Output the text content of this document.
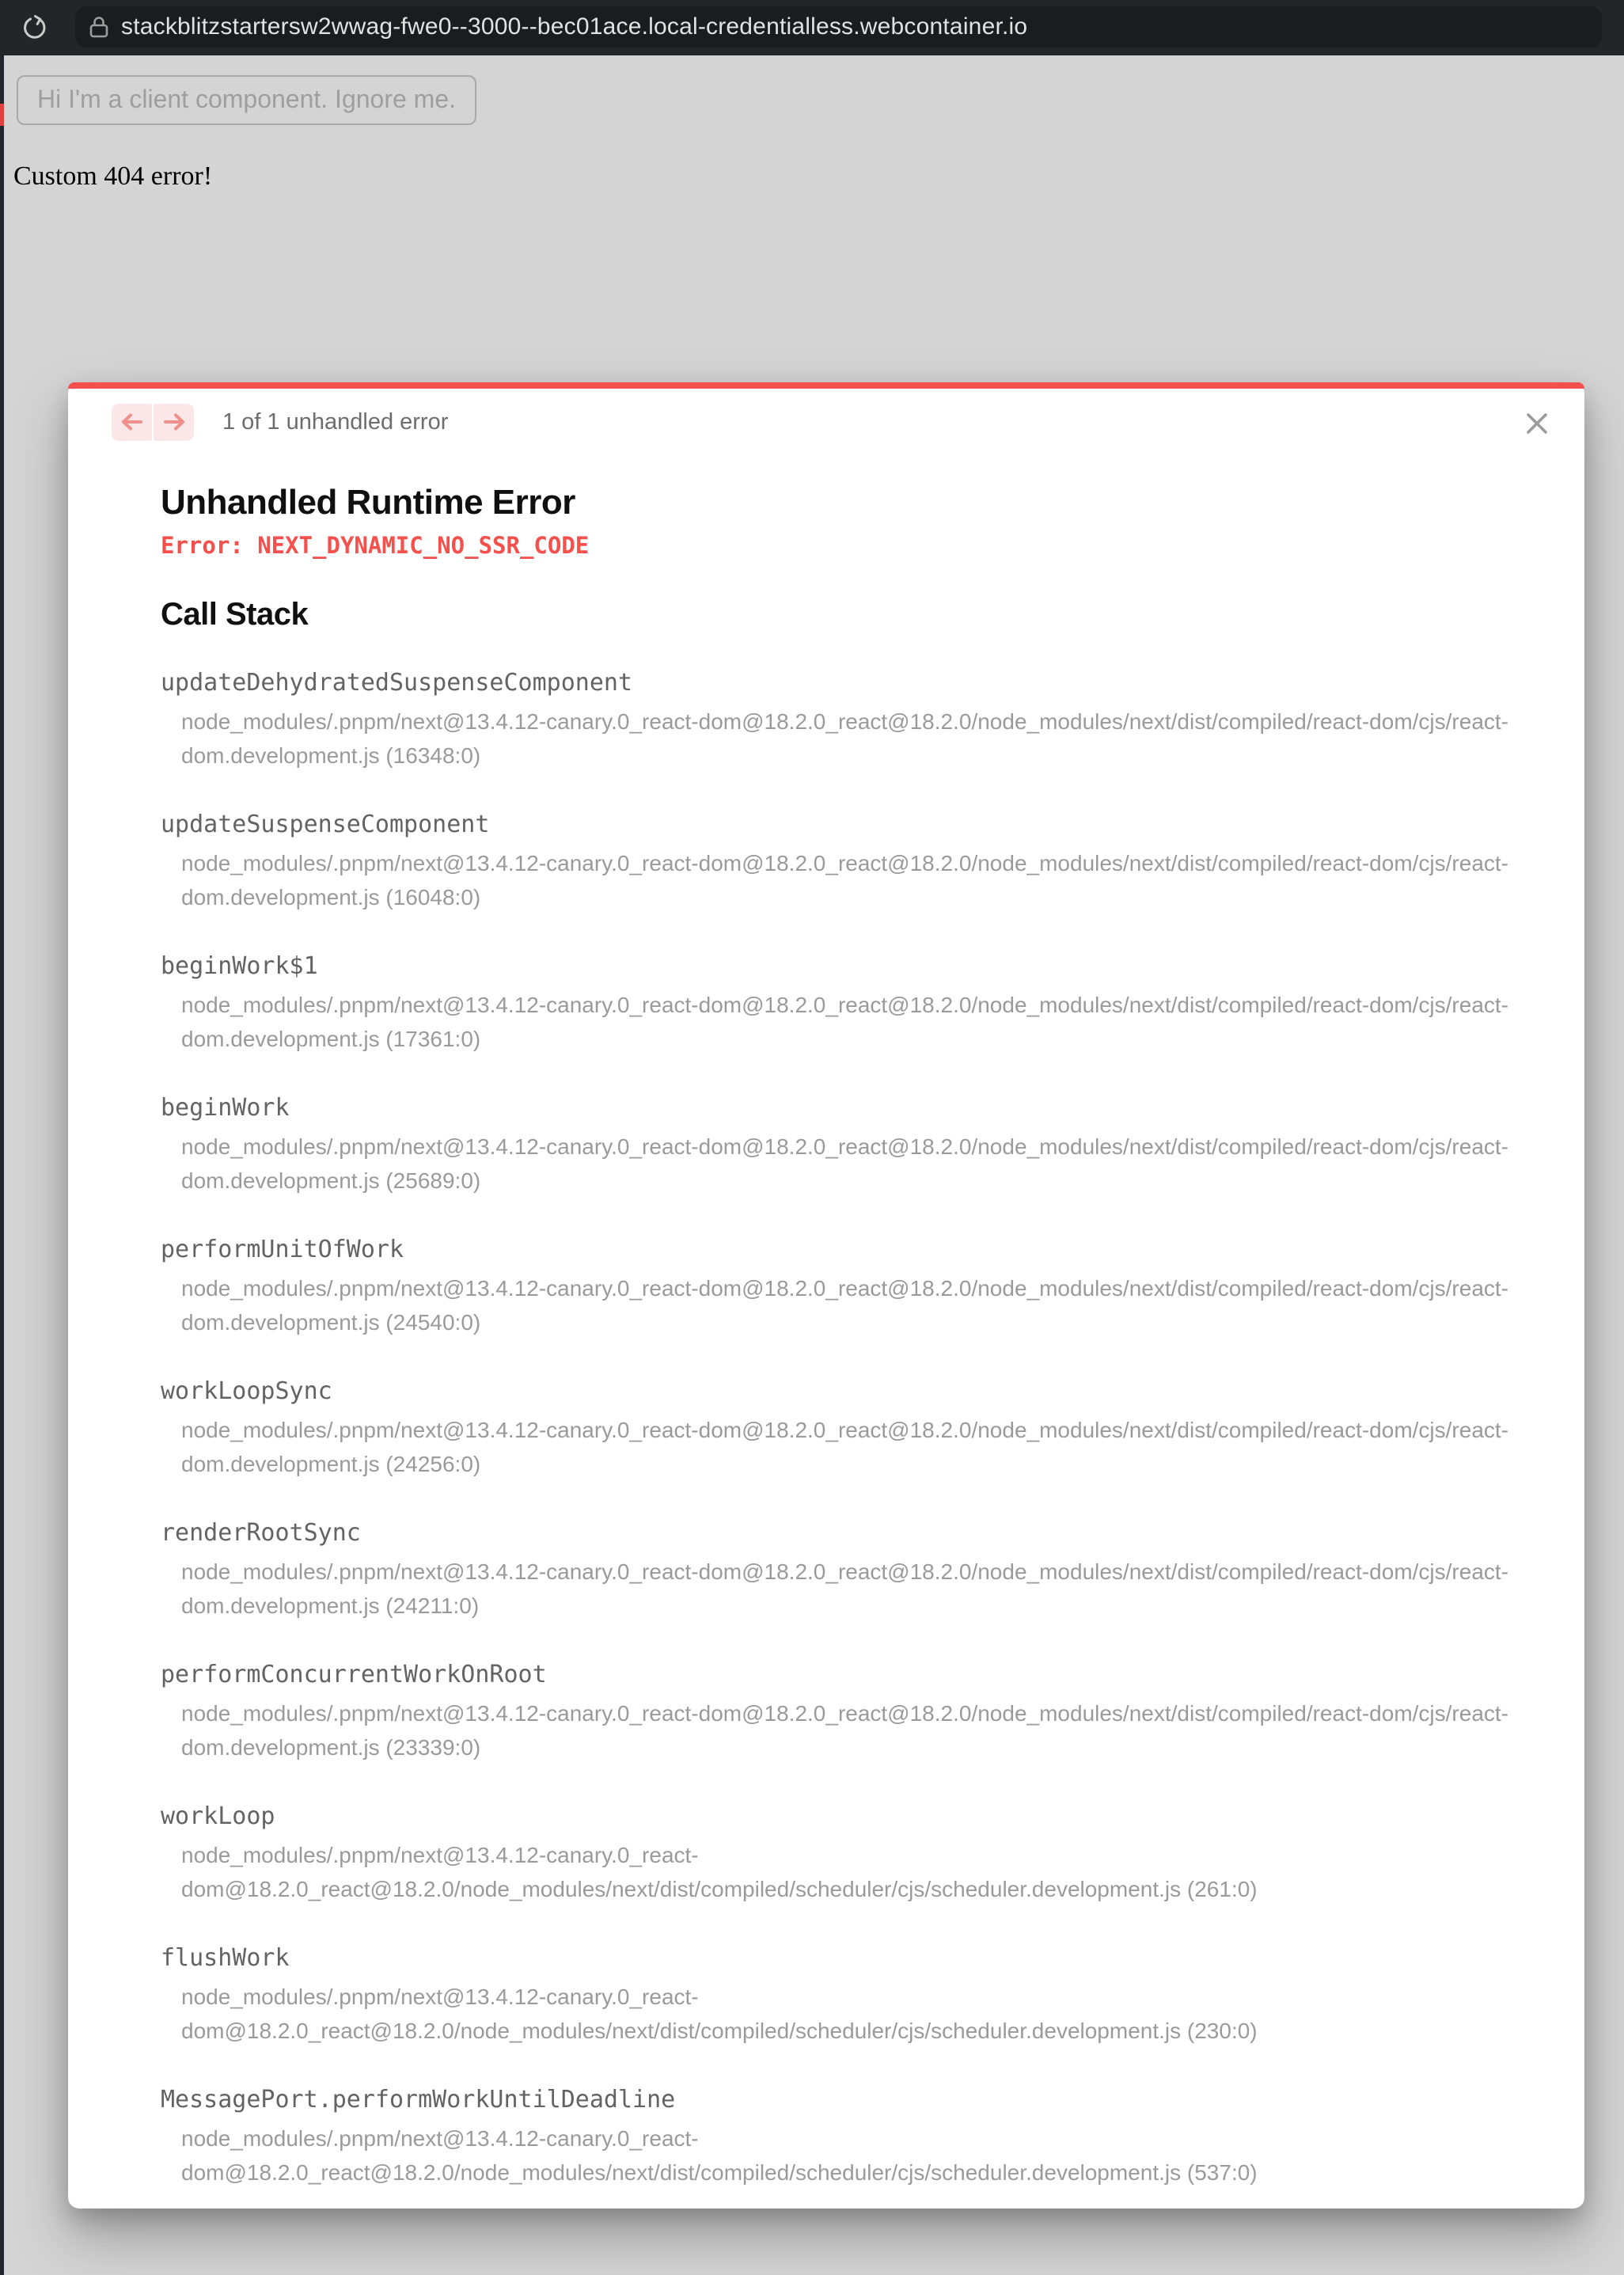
stackblitzstartersw2wwag-fwe0--3000--bec01ace.local-credentialless.webcontainer.io
Hi I'm a client component. Ignore me.

Custom 404 error!

1 of 1 unhandled error
Unhandled Runtime Error

Error: NEXT_DYNAMIC_NO_SSR_CODE

Call Stack
updateDehydratedSuspenseComponent

node_modules/.pnpm/next@13.4.12-canary.0_react-dom@18.2.0_react@18.2.0/node_modules/next/dist/compiled/react-dom/cjs/react-dom.development.js (16348:0)

updateSuspenseComponent

node_modules/.pnpm/next@13.4.12-canary.0_react-dom@18.2.0_react@18.2.0/node_modules/next/dist/compiled/react-dom/cjs/react-dom.development.js (16048:0)

beginWork$1

node_modules/.pnpm/next@13.4.12-canary.0_react-dom@18.2.0_react@18.2.0/node_modules/next/dist/compiled/react-dom/cjs/react-dom.development.js (17361:0)

beginWork

node_modules/.pnpm/next@13.4.12-canary.0_react-dom@18.2.0_react@18.2.0/node_modules/next/dist/compiled/react-dom/cjs/react-dom.development.js (25689:0)

performUnitOfWork

node_modules/.pnpm/next@13.4.12-canary.0_react-dom@18.2.0_react@18.2.0/node_modules/next/dist/compiled/react-dom/cjs/react-dom.development.js (24540:0)

workLoopSync

node_modules/.pnpm/next@13.4.12-canary.0_react-dom@18.2.0_react@18.2.0/node_modules/next/dist/compiled/react-dom/cjs/react-dom.development.js (24256:0)

renderRootSync

node_modules/.pnpm/next@13.4.12-canary.0_react-dom@18.2.0_react@18.2.0/node_modules/next/dist/compiled/react-dom/cjs/react-dom.development.js (24211:0)

performConcurrentWorkOnRoot

node_modules/.pnpm/next@13.4.12-canary.0_react-dom@18.2.0_react@18.2.0/node_modules/next/dist/compiled/react-dom/cjs/react-dom.development.js (23339:0)

workLoop

node_modules/.pnpm/next@13.4.12-canary.0_react-dom@18.2.0_react@18.2.0/node_modules/next/dist/compiled/scheduler/cjs/scheduler.development.js (261:0)

flushWork

node_modules/.pnpm/next@13.4.12-canary.0_react-dom@18.2.0_react@18.2.0/node_modules/next/dist/compiled/scheduler/cjs/scheduler.development.js (230:0)

MessagePort.performWorkUntilDeadline

node_modules/.pnpm/next@13.4.12-canary.0_react-dom@18.2.0_react@18.2.0/node_modules/next/dist/compiled/scheduler/cjs/scheduler.development.js (537:0)
